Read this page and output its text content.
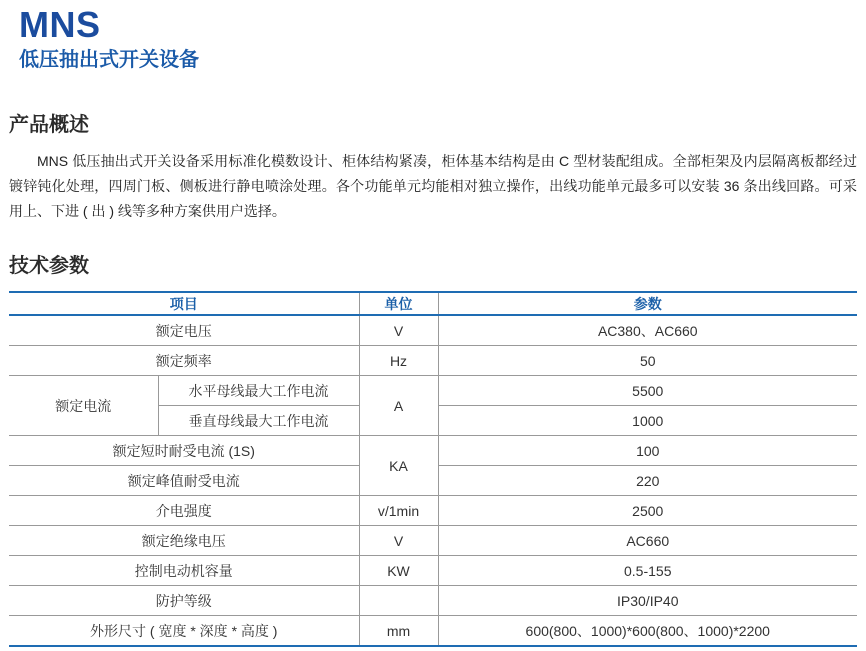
MNS
低压抽出式开关设备
产品概述

MNS 低压抽出式开关设备采用标准化模数设计、柜体结构紧凑，柜体基本结构是由 C 型材装配组成。全部柜架及内层隔离板都经过镀锌钝化处理，四周门板、侧板进行静电喷涂处理。各个功能单元均能相对独立操作，出线功能单元最多可以安装 36 条出线回路。可采用上、下进 ( 出 ) 线等多种方案供用户选择。

技术参数
项目		单位	参数
额定电压		V	AC380、AC660
额定频率		Hz	50
额定电流	水平母线最大工作电流	A	5500
	垂直母线最大工作电流		1000
额定短时耐受电流 (1S)		KA	100
额定峰值耐受电流			220
介电强度		v/1min	2500
额定绝缘电压		V	AC660
控制电动机容量		KW	0.5-155
防护等级			IP30/IP40
外形尺寸 ( 宽度 * 深度 * 高度 )		mm	600(800、1000)*600(800、1000)*2200
